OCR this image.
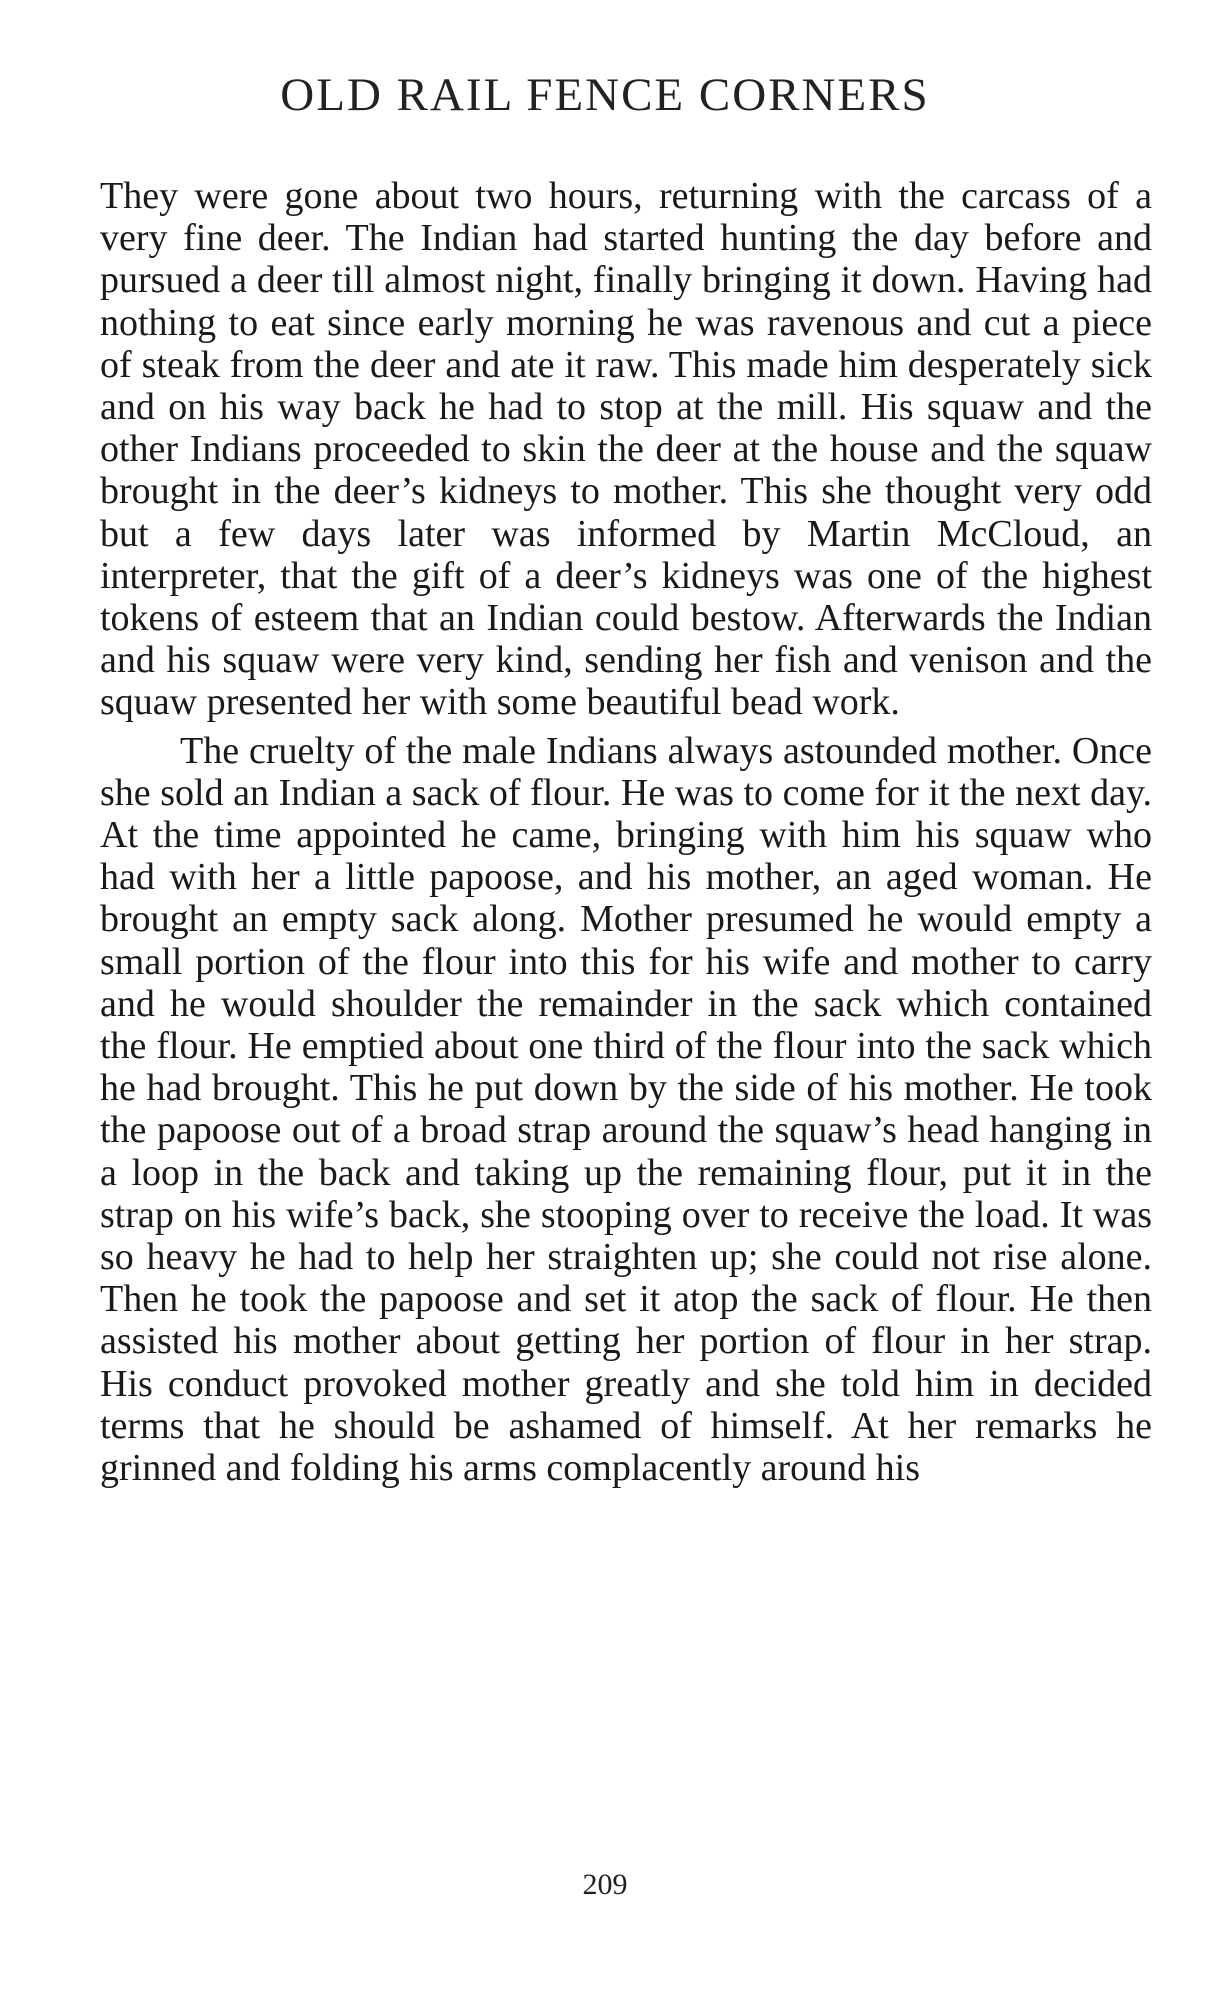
OLD RAIL FENCE CORNERS

They were gone about two hours, returning with the carcass of a very fine deer. The Indian had started hunting the day before and pursued a deer till almost night, finally bringing it down. Having had nothing to eat since early morning he was ravenous and cut a piece of steak from the deer and ate it raw. This made him desperately sick and on his way back he had to stop at the mill. His squaw and the other Indians proceeded to skin the deer at the house and the squaw brought in the deer’s kidneys to mother. This she thought very odd but a few days later was informed by Martin McCloud, an interpreter, that the gift of a deer’s kidneys was one of the highest tokens of esteem that an Indian could bestow. Afterwards the Indian and his squaw were very kind, sending her fish and venison and the squaw presented her with some beautiful bead work.

The cruelty of the male Indians always astounded mother. Once she sold an Indian a sack of flour. He was to come for it the next day. At the time appointed he came, bringing with him his squaw who had with her a little papoose, and his mother, an aged woman. He brought an empty sack along. Mother presumed he would empty a small portion of the flour into this for his wife and mother to carry and he would shoulder the remainder in the sack which contained the flour. He emptied about one third of the flour into the sack which he had brought. This he put down by the side of his mother. He took the papoose out of a broad strap around the squaw’s head hanging in a loop in the back and taking up the remaining flour, put it in the strap on his wife’s back, she stooping over to receive the load. It was so heavy he had to help her straighten up; she could not rise alone. Then he took the papoose and set it atop the sack of flour. He then assisted his mother about getting her portion of flour in her strap. His conduct provoked mother greatly and she told him in decided terms that he should be ashamed of himself. At her remarks he grinned and folding his arms complacently around his

209
